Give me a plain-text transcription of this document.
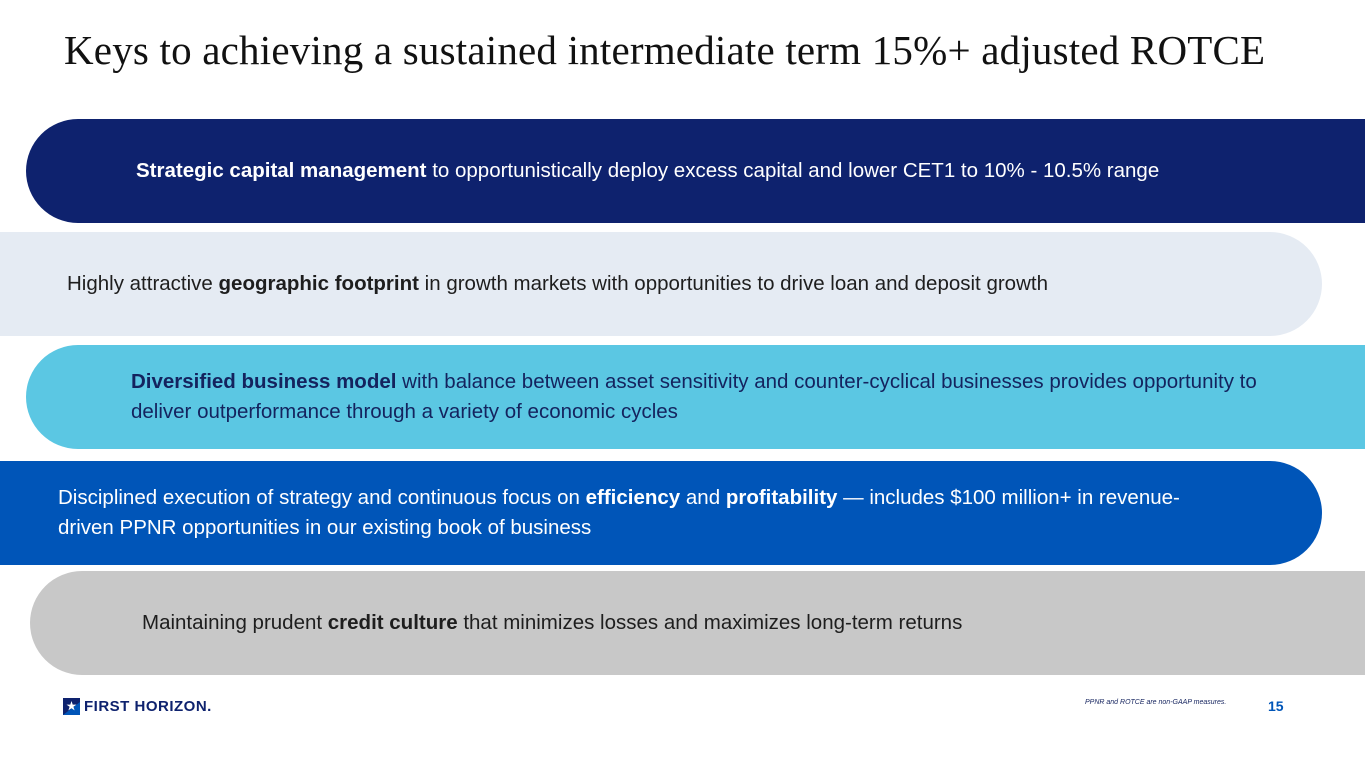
Keys to achieving a sustained intermediate term 15%+ adjusted ROTCE
Strategic capital management to opportunistically deploy excess capital and lower CET1 to 10% - 10.5% range
Highly attractive geographic footprint in growth markets with opportunities to drive loan and deposit growth
Diversified business model with balance between asset sensitivity and counter-cyclical businesses provides opportunity to deliver outperformance through a variety of economic cycles
Disciplined execution of strategy and continuous focus on efficiency and profitability — includes $100 million+ in revenue-driven PPNR opportunities in our existing book of business
Maintaining prudent credit culture that minimizes losses and maximizes long-term returns
FIRST HORIZON.	PPNR and ROTCE are non-GAAP measures.	15
